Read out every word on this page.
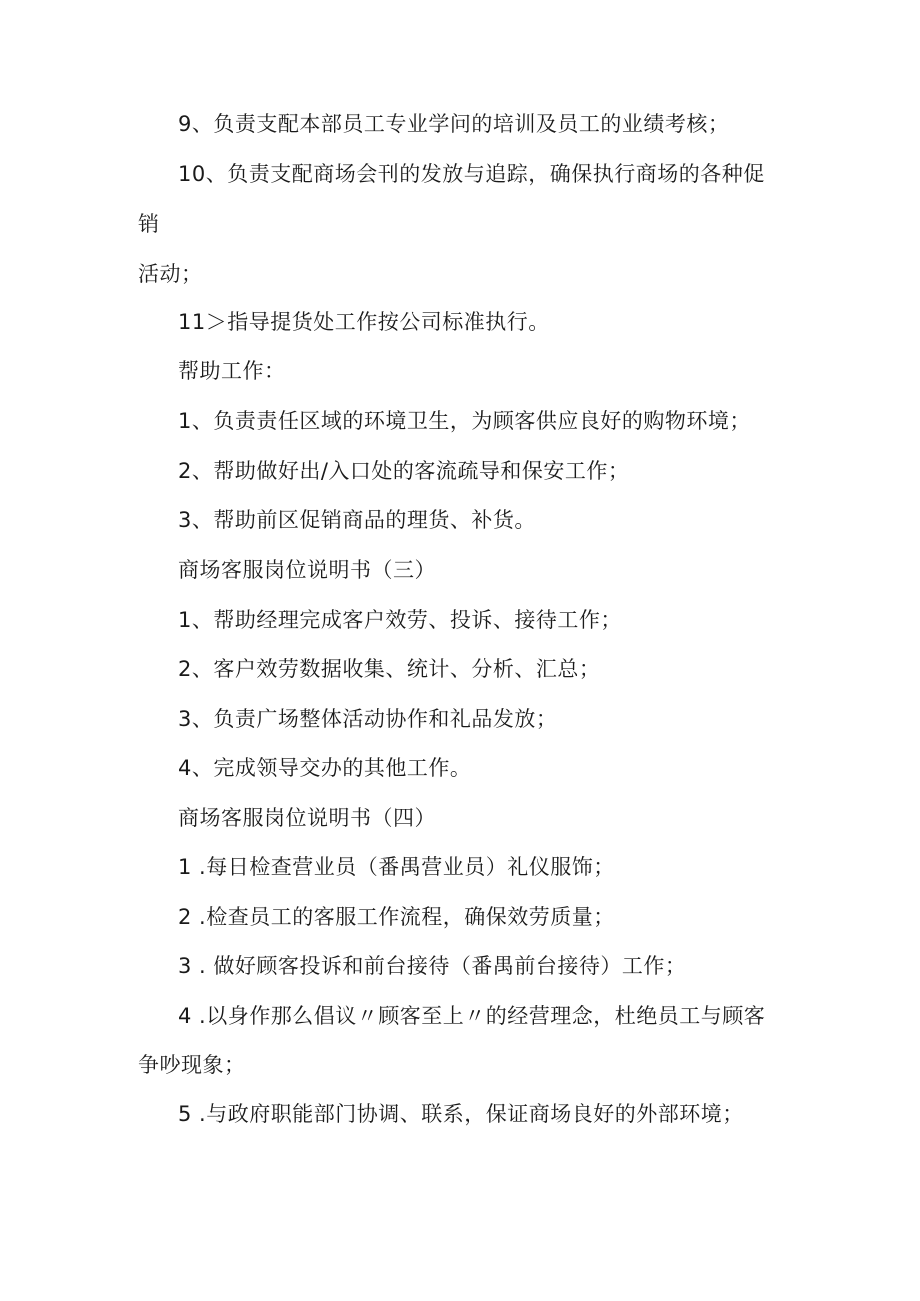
9、负责支配本部员工专业学问的培训及员工的业绩考核；
10、负责支配商场会刊的发放与追踪，确保执行商场的各种促
销
活动；
11＞指导提货处工作按公司标准执行。
帮助工作：
1、负责责任区域的环境卫生，为顾客供应良好的购物环境；
2、帮助做好出/入口处的客流疏导和保安工作；
3、帮助前区促销商品的理货、补货。
商场客服岗位说明书（三）
1、帮助经理完成客户效劳、投诉、接待工作；
2、客户效劳数据收集、统计、分析、汇总；
3、负责广场整体活动协作和礼品发放；
4、完成领导交办的其他工作。
商场客服岗位说明书（四）
1 .每日检查营业员（番禺营业员）礼仪服饰；
2 .检查员工的客服工作流程，确保效劳质量；
3 . 做好顾客投诉和前台接待（番禺前台接待）工作；
4 .以身作那么倡议〃顾客至上〃的经营理念，杜绝员工与顾客
争吵现象；
5 .与政府职能部门协调、联系，保证商场良好的外部环境；
